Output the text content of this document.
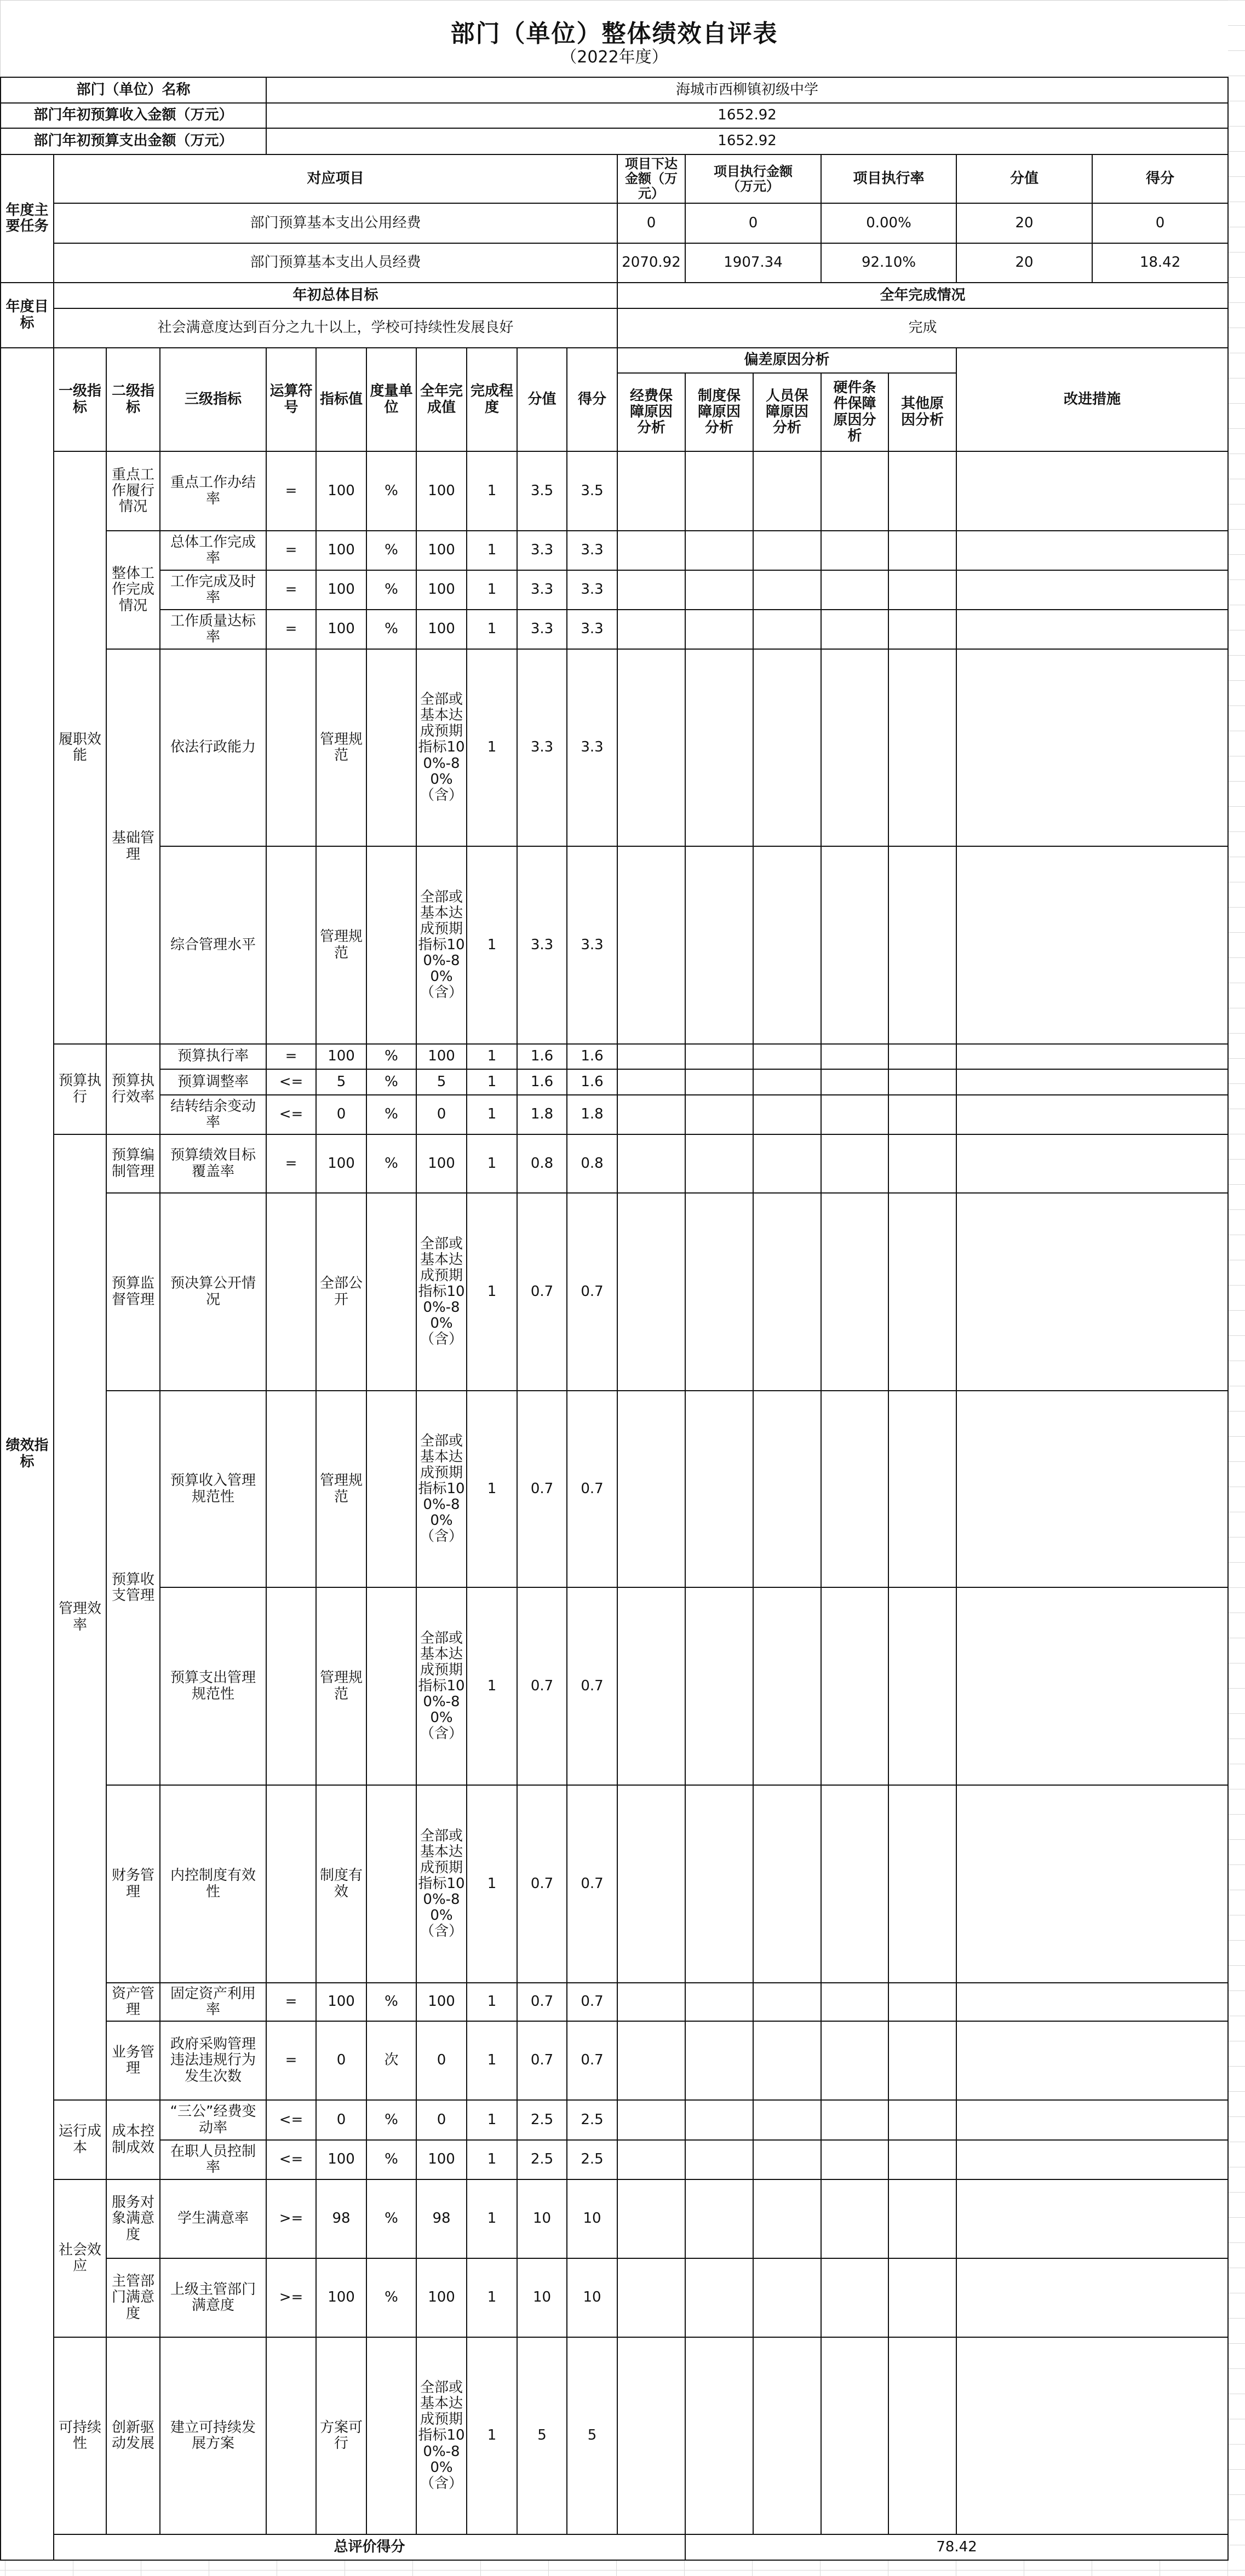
部门（单位）整体绩效自评表
（2022年度）
部门（单位）名称				海城市西柳镇初级中学													
部门年初预算收入金额（万元）				1652.92													
部门年初预算支出金额（万元）				1652.92													
年度主要任务	对应项目										项目下达金额（万元）	项目执行金额（万元）		项目执行率		分值	得分
	部门预算基本支出公用经费										0	0		0.00%		20	0
	部门预算基本支出人员经费										2070.92	1907.34		92.10%		20	18.42
年度目标	年初总体目标										全年完成情况						
	社会满意度达到百分之九十以上，学校可持续性发展良好										完成						
绩效指标	一级指标	二级指标	三级指标	运算符号	指标值	度量单位	全年完成值	完成程度	分值	得分	偏差原因分析					改进措施	
											经费保障原因分析	制度保障原因分析	人员保障原因分析	硬件条件保障原因分析	其他原因分析		
	履职效能	重点工作履行情况	重点工作办结率	=	100	%	100	1	3.5	3.5							
		整体工作完成情况	总体工作完成率	=	100	%	100	1	3.3	3.3							
			工作完成及时率	=	100	%	100	1	3.3	3.3							
			工作质量达标率	=	100	%	100	1	3.3	3.3							
		基础管理	依法行政能力		管理规范		全部或基本达成预期指标100%-80%（含）	1	3.3	3.3							
			综合管理水平		管理规范		全部或基本达成预期指标100%-80%（含）	1	3.3	3.3							
	预算执行	预算执行效率	预算执行率	=	100	%	100	1	1.6	1.6							
			预算调整率	<=	5	%	5	1	1.6	1.6							
			结转结余变动率	<=	0	%	0	1	1.8	1.8							
	管理效率	预算编制管理	预算绩效目标覆盖率	=	100	%	100	1	0.8	0.8							
		预算监督管理	预决算公开情况		全部公开		全部或基本达成预期指标100%-80%（含）	1	0.7	0.7							
		预算收支管理	预算收入管理规范性		管理规范		全部或基本达成预期指标100%-80%（含）	1	0.7	0.7							
			预算支出管理规范性		管理规范		全部或基本达成预期指标100%-80%（含）	1	0.7	0.7							
		财务管理	内控制度有效性		制度有效		全部或基本达成预期指标100%-80%（含）	1	0.7	0.7							
		资产管理	固定资产利用率	=	100	%	100	1	0.7	0.7							
		业务管理	政府采购管理违法违规行为发生次数	=	0	次	0	1	0.7	0.7							
	运行成本	成本控制成效	“三公”经费变动率	<=	0	%	0	1	2.5	2.5							
			在职人员控制率	<=	100	%	100	1	2.5	2.5							
	社会效应	服务对象满意度	学生满意率	>=	98	%	98	1	10	10							
		主管部门满意度	上级主管部门满意度	>=	100	%	100	1	10	10							
	可持续性	创新驱动发展	建立可持续发展方案		方案可行		全部或基本达成预期指标100%-80%（含）	1	5	5							
	总评价得分											78.42					
